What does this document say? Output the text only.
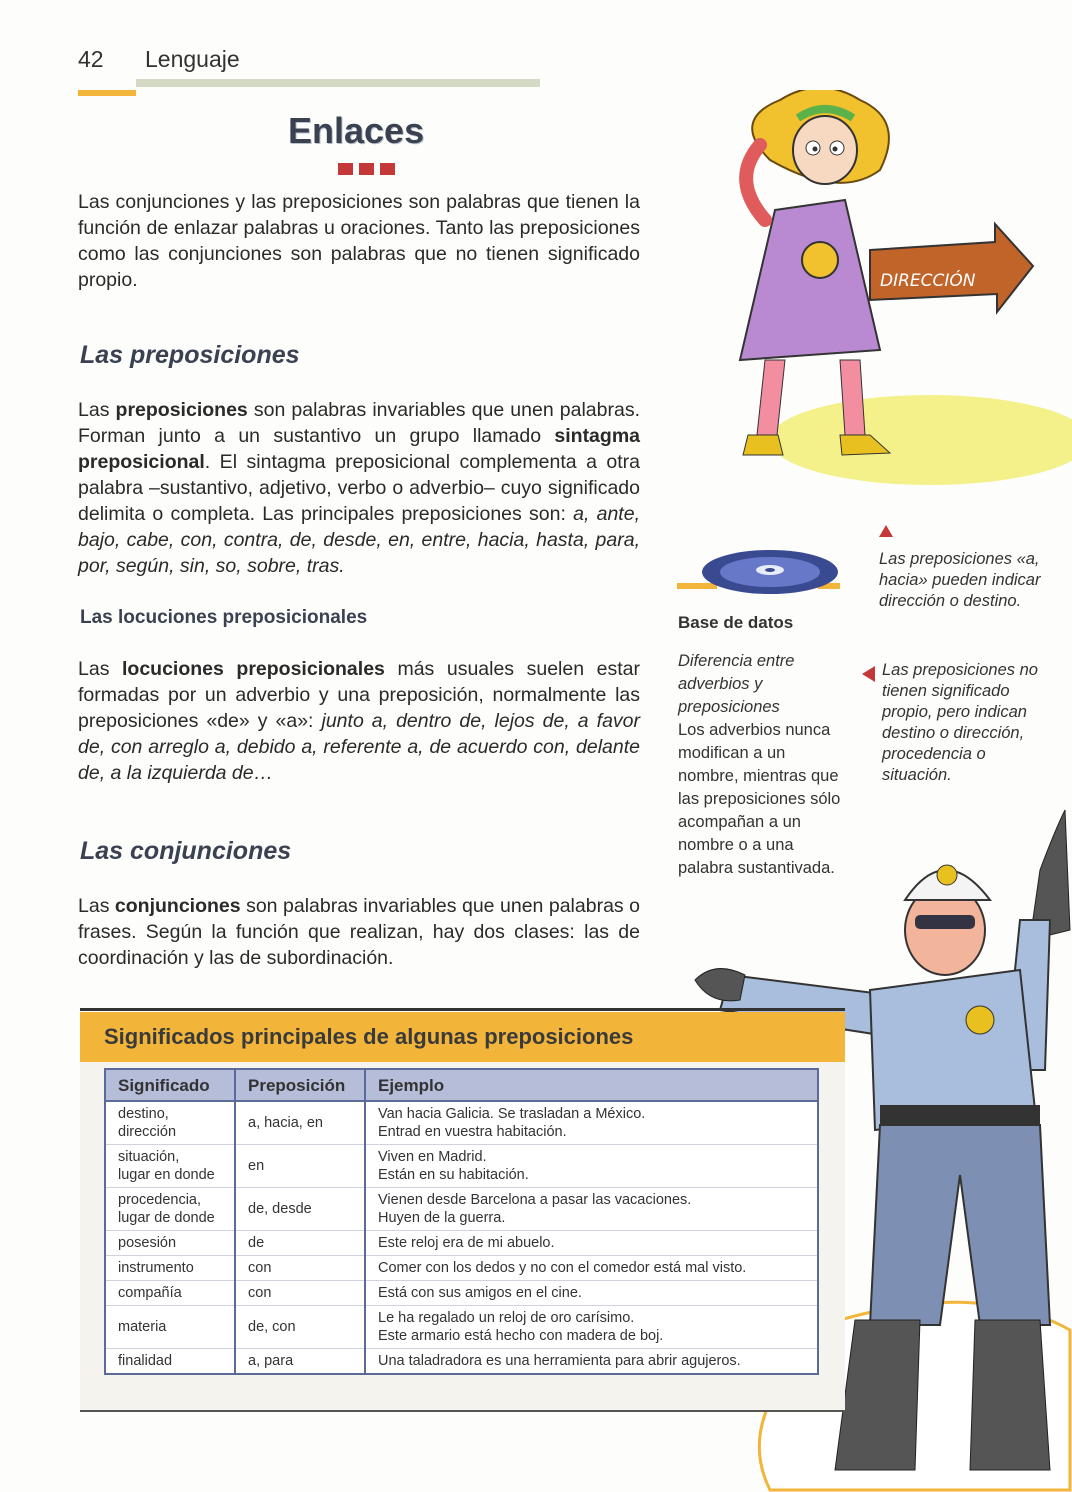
42 Lenguaje
Enlaces
Las conjunciones y las preposiciones son palabras que tienen la función de enlazar palabras u oraciones. Tanto las preposiciones como las conjunciones son palabras que no tienen significado propio.
Las preposiciones
Las preposiciones son palabras invariables que unen palabras. Forman junto a un sustantivo un grupo llamado sintagma preposicional. El sintagma preposicional complementa a otra palabra –sustantivo, adjetivo, verbo o adverbio– cuyo significado delimita o completa. Las principales preposiciones son: a, ante, bajo, cabe, con, contra, de, desde, en, entre, hacia, hasta, para, por, según, sin, so, sobre, tras.
Las locuciones preposicionales
Las locuciones preposicionales más usuales suelen estar formadas por un adverbio y una preposición, normalmente las preposiciones «de» y «a»: junto a, dentro de, lejos de, a favor de, con arreglo a, debido a, referente a, de acuerdo con, delante de, a la izquierda de…
Las conjunciones
Las conjunciones son palabras invariables que unen palabras o frases. Según la función que realizan, hay dos clases: las de coordinación y las de subordinación.
DIRECCIÓN
Base de datos
Diferencia entre adverbios y preposiciones
Los adverbios nunca modifican a un nombre, mientras que las preposiciones sólo acompañan a un nombre o a una palabra sustantivada.
Las preposiciones «a, hacia» pueden indicar dirección o destino.
Las preposiciones no tienen significado propio, pero indican destino o dirección, procedencia o situación.
Significados principales de algunas preposiciones
Significado	Preposición	Ejemplo
destino,
dirección	a, hacia, en	Van hacia Galicia. Se trasladan a México.
Entrad en vuestra habitación.
situación,
lugar en donde	en	Viven en Madrid.
Están en su habitación.
procedencia,
lugar de donde	de, desde	Vienen desde Barcelona a pasar las vacaciones.
Huyen de la guerra.
posesión	de	Este reloj era de mi abuelo.
instrumento	con	Comer con los dedos y no con el comedor está mal visto.
compañía	con	Está con sus amigos en el cine.
materia	de, con	Le ha regalado un reloj de oro carísimo.
Este armario está hecho con madera de boj.
finalidad	a, para	Una taladradora es una herramienta para abrir agujeros.
